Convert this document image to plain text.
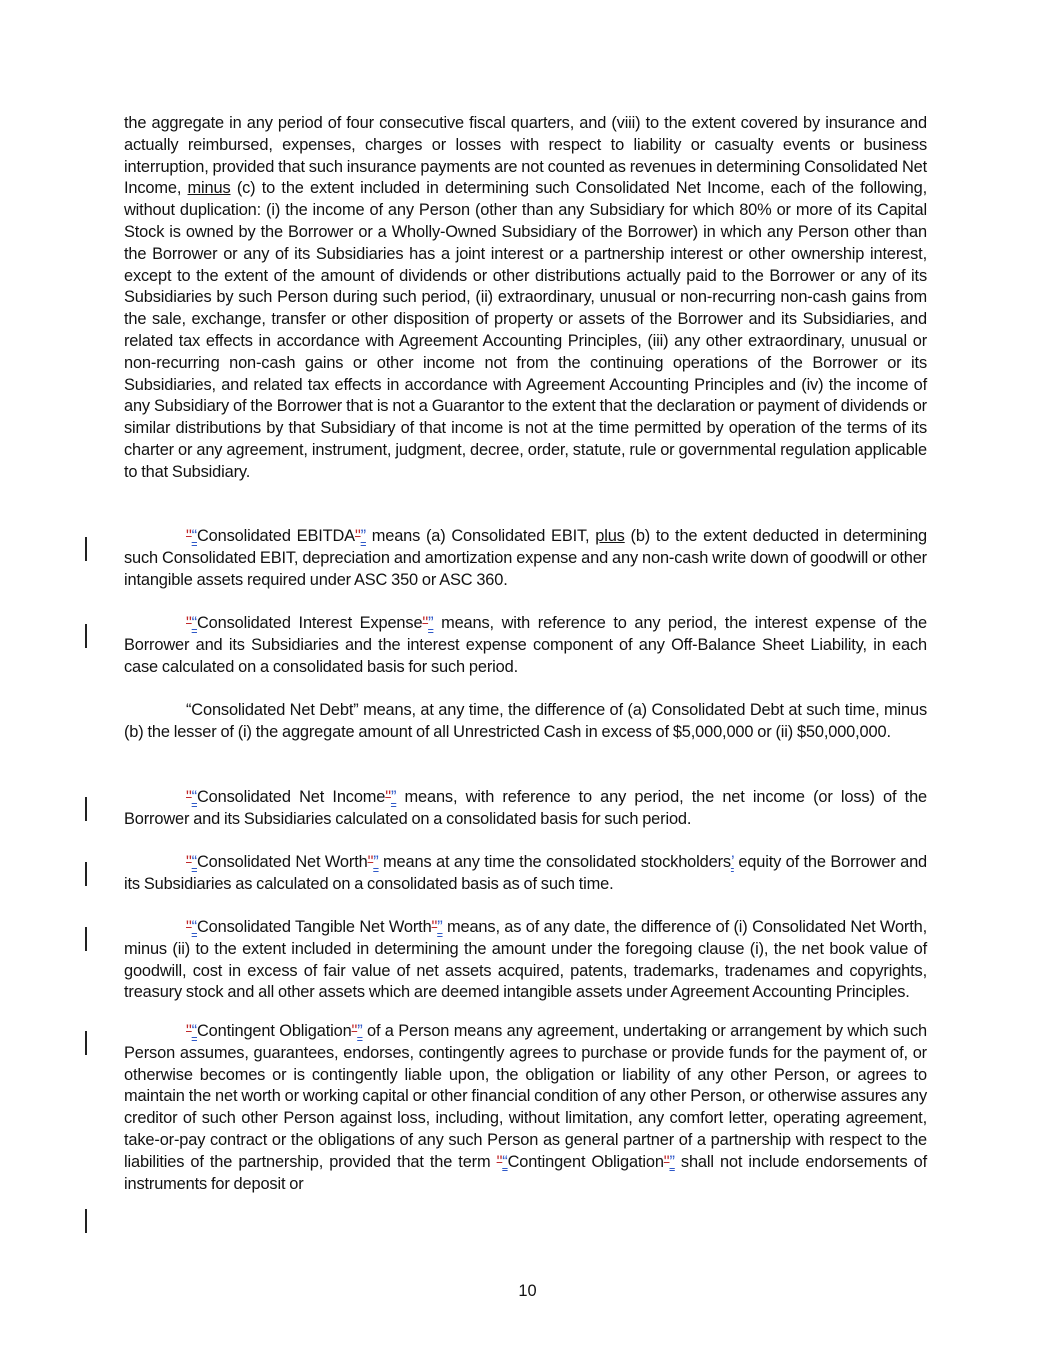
the aggregate in any period of four consecutive fiscal quarters, and (viii) to the extent covered by insurance and actually reimbursed, expenses, charges or losses with respect to liability or casualty events or business interruption, provided that such insurance payments are not counted as revenues in determining Consolidated Net Income, minus (c) to the extent included in determining such Consolidated Net Income, each of the following, without duplication: (i) the income of any Person (other than any Subsidiary for which 80% or more of its Capital Stock is owned by the Borrower or a Wholly-Owned Subsidiary of the Borrower) in which any Person other than the Borrower or any of its Subsidiaries has a joint interest or a partnership interest or other ownership interest, except to the extent of the amount of dividends or other distributions actually paid to the Borrower or any of its Subsidiaries by such Person during such period, (ii) extraordinary, unusual or non-recurring non-cash gains from the sale, exchange, transfer or other disposition of property or assets of the Borrower and its Subsidiaries, and related tax effects in accordance with Agreement Accounting Principles, (iii) any other extraordinary, unusual or non-recurring non-cash gains or other income not from the continuing operations of the Borrower or its Subsidiaries, and related tax effects in accordance with Agreement Accounting Principles and (iv) the income of any Subsidiary of the Borrower that is not a Guarantor to the extent that the declaration or payment of dividends or similar distributions by that Subsidiary of that income is not at the time permitted by operation of the terms of its charter or any agreement, instrument, judgment, decree, order, statute, rule or governmental regulation applicable to that Subsidiary.

"“Consolidated EBITDA"” means (a) Consolidated EBIT, plus (b) to the extent deducted in determining such Consolidated EBIT, depreciation and amortization expense and any non-cash write down of goodwill or other intangible assets required under ASC 350 or ASC 360.

"“Consolidated Interest Expense"” means, with reference to any period, the interest expense of the Borrower and its Subsidiaries and the interest expense component of any Off-Balance Sheet Liability, in each case calculated on a consolidated basis for such period.

“Consolidated Net Debt” means, at any time, the difference of (a) Consolidated Debt at such time, minus (b) the lesser of (i) the aggregate amount of all Unrestricted Cash in excess of $5,000,000 or (ii) $50,000,000.

"“Consolidated Net Income"” means, with reference to any period, the net income (or loss) of the Borrower and its Subsidiaries calculated on a consolidated basis for such period.

"“Consolidated Net Worth"” means at any time the consolidated stockholders’ equity of the Borrower and its Subsidiaries as calculated on a consolidated basis as of such time.

"“Consolidated Tangible Net Worth"” means, as of any date, the difference of (i) Consolidated Net Worth, minus (ii) to the extent included in determining the amount under the foregoing clause (i), the net book value of goodwill, cost in excess of fair value of net assets acquired, patents, trademarks, tradenames and copyrights, treasury stock and all other assets which are deemed intangible assets under Agreement Accounting Principles.

"“Contingent Obligation"” of a Person means any agreement, undertaking or arrangement by which such Person assumes, guarantees, endorses, contingently agrees to purchase or provide funds for the payment of, or otherwise becomes or is contingently liable upon, the obligation or liability of any other Person, or agrees to maintain the net worth or working capital or other financial condition of any other Person, or otherwise assures any creditor of such other Person against loss, including, without limitation, any comfort letter, operating agreement, take-or-pay contract or the obligations of any such Person as general partner of a partnership with respect to the liabilities of the partnership, provided that the term "“Contingent Obligation"” shall not include endorsements of instruments for deposit or

10
